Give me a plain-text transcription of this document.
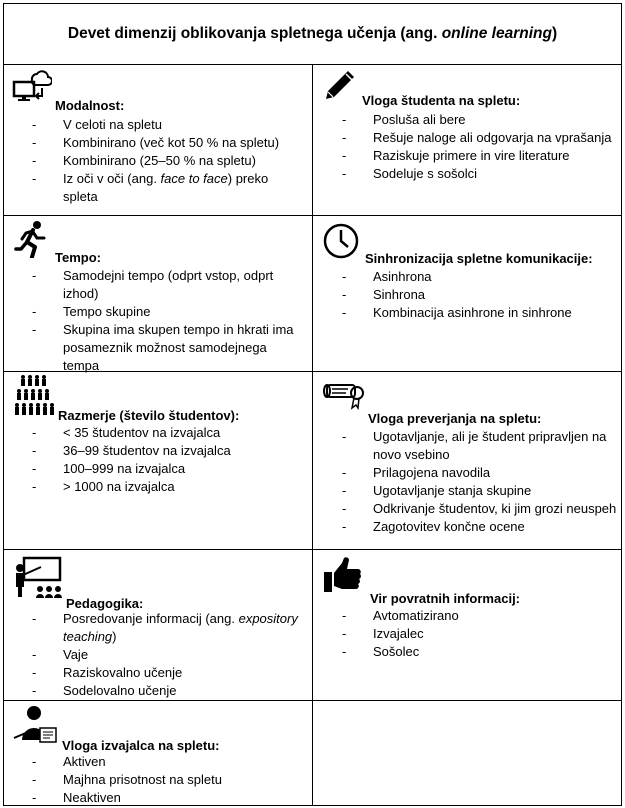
Devet dimenzij oblikovanja spletnega učenja (ang. online learning)
Modalnost:
- V celoti na spletu
- Kombinirano (več kot 50 % na spletu)
- Kombinirano (25–50 % na spletu)
- Iz oči v oči (ang. face to face) preko spleta
Vloga študenta na spletu:
- Posluša ali bere
- Rešuje naloge ali odgovarja na vprašanja
- Raziskuje primere in vire literature
- Sodeluje s sošolci
Tempo:
- Samodejni tempo (odprt vstop, odprt izhod)
- Tempo skupine
- Skupina ima skupen tempo in hkrati ima posameznik možnost samodejnega tempa
Sinhronizacija spletne komunikacije:
- Asinhrona
- Sinhrona
- Kombinacija asinhrone in sinhrone
Razmerje (število študentov):
- < 35 študentov na izvajalca
- 36–99 študentov na izvajalca
- 100–999 na izvajalca
- > 1000 na izvajalca
Vloga preverjanja na spletu:
- Ugotavljanje, ali je študent pripravljen na novo vsebino
- Prilagojena navodila
- Ugotavljanje stanja skupine
- Odkrivanje študentov, ki jim grozi neuspeh
- Zagotovitev končne ocene
Pedagogika:
- Posredovanje informacij (ang. expository teaching)
- Vaje
- Raziskovalno učenje
- Sodelovalno učenje
Vir povratnih informacij:
- Avtomatizirano
- Izvajalec
- Sošolec
Vloga izvajalca na spletu:
- Aktiven
- Majhna prisotnost na spletu
- Neaktiven
